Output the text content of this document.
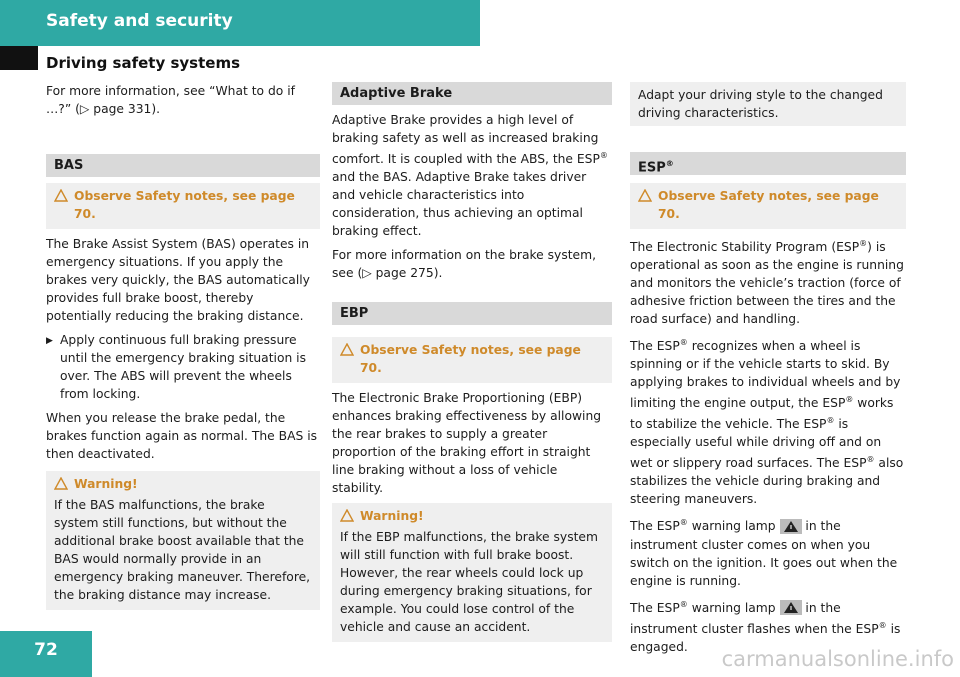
Safety and security
Driving safety systems

For more information, see “What to do if …?” (▷ page 331).

BAS
Observe Safety notes, see page 70.

The Brake Assist System (BAS) operates in emergency situations. If you apply the brakes very quickly, the BAS automatically provides full brake boost, thereby potentially reducing the braking distance.

▶ Apply continuous full braking pressure until the emergency braking situation is over. The ABS will prevent the wheels from locking.

When you release the brake pedal, the brakes function again as normal. The BAS is then deactivated.

Warning!
If the BAS malfunctions, the brake system still functions, but without the additional brake boost available that the BAS would normally provide in an emergency braking maneuver. Therefore, the braking distance may increase.
Adaptive Brake

Adaptive Brake provides a high level of braking safety as well as increased braking comfort. It is coupled with the ABS, the ESP® and the BAS. Adaptive Brake takes driver and vehicle characteristics into consideration, thus achieving an optimal braking effect.

For more information on the brake system, see (▷ page 275).

EBP
Observe Safety notes, see page 70.

The Electronic Brake Proportioning (EBP) enhances braking effectiveness by allowing the rear brakes to supply a greater proportion of the braking effort in straight line braking without a loss of vehicle stability.

Warning!
If the EBP malfunctions, the brake system will still function with full brake boost. However, the rear wheels could lock up during emergency braking situations, for example. You could lose control of the vehicle and cause an accident.
Adapt your driving style to the changed driving characteristics.
ESP®
Observe Safety notes, see page 70.

The Electronic Stability Program (ESP®) is operational as soon as the engine is running and monitors the vehicle’s traction (force of adhesive friction between the tires and the road surface) and handling.

The ESP® recognizes when a wheel is spinning or if the vehicle starts to skid. By applying brakes to individual wheels and by limiting the engine output, the ESP® works to stabilize the vehicle. The ESP® is especially useful while driving off and on wet or slippery road surfaces. The ESP® also stabilizes the vehicle during braking and steering maneuvers.

The ESP® warning lamp  in the instrument cluster comes on when you switch on the ignition. It goes out when the engine is running.

The ESP® warning lamp  in the instrument cluster flashes when the ESP® is engaged.

72	carmanualsonline.info
